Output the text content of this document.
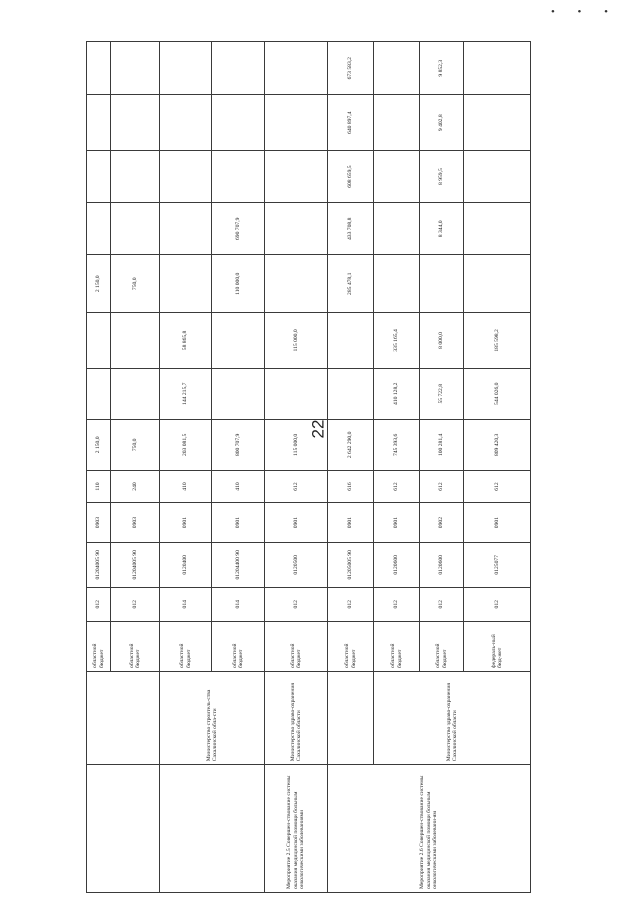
• • •
22
		областной бюджет	012	01204005 90	0903	110	2 150,0			2 150,0				
		областной бюджет	012	01204005 90	0903	240	750,0			750,0				
	Министерство строитель-ства Сахалинской обла-сти	областной бюджет	014	0120400	0901	410	203 081,5	144 215,7	58 865,8					
		областной бюджет	014	01204400 90	0901	410	800 707,9			110 000,0	690 707,9			
Мероприятие 2.5 Совершен-ствование системы оказания медицинской помощи больным онкологическими заболеваниями	Министерство здраво-охранения Сахалинской области	областной бюджет	012	0120500	0901	612	115 000,0		115 000,0					
Мероприятие 2.6 Совершен-ствование системы оказания медицинской помощи больным онкологическими заболевани-ям		областной бюджет	012	01205005 90	0901	616	2 642 290,0			285 478,1	433 708,8	608 659,5	640 897,4	673 583,2
	Министерство здраво-охранения Сахалинской области	областной бюджет	012	0120600	0901	612	745 393,6	410 128,2	335 165,4					
		областной бюджет	012	0120600	0902	612	100 281,4	55 722,8	8 000,0		8 344,0	8 959,5	9 402,8	9 852,3
		федераль-ный бюд-жет	012	0125077	0901	612	809 420,3	544 026,0	185 598,2					
